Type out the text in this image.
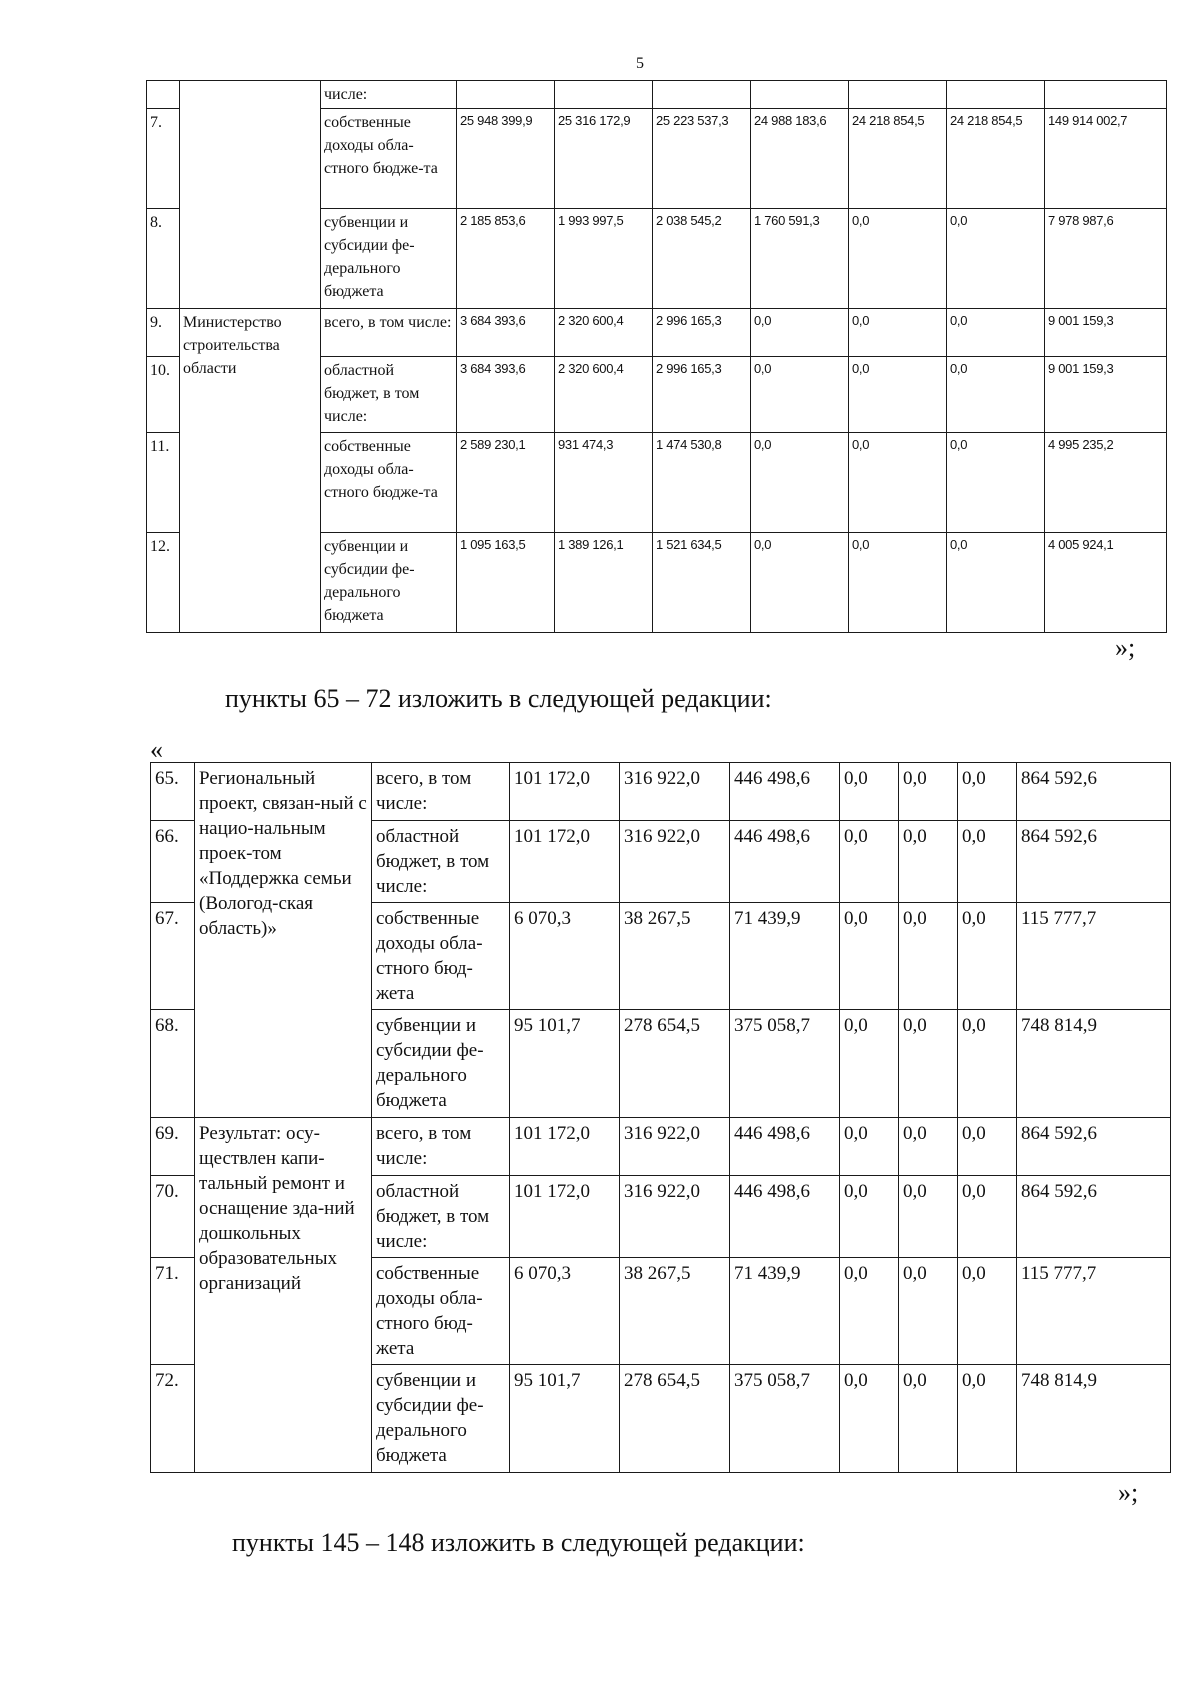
5
		числе:							
7.		собственные доходы обла-стного бюдже-та	25 948 399,9	25 316 172,9	25 223 537,3	24 988 183,6	24 218 854,5	24 218 854,5	149 914 002,7
8.		субвенции и субсидии фе-дерального бюджета	2 185 853,6	1 993 997,5	2 038 545,2	1 760 591,3	0,0	0,0	7 978 987,6
9.	Министерство строительства области	всего, в том числе:	3 684 393,6	2 320 600,4	2 996 165,3	0,0	0,0	0,0	9 001 159,3
10.		областной бюджет, в том числе:	3 684 393,6	2 320 600,4	2 996 165,3	0,0	0,0	0,0	9 001 159,3
11.		собственные доходы обла-стного бюдже-та	2 589 230,1	931 474,3	1 474 530,8	0,0	0,0	0,0	4 995 235,2
12.		субвенции и субсидии фе-дерального бюджета	1 095 163,5	1 389 126,1	1 521 634,5	0,0	0,0	0,0	4 005 924,1
»;
пункты 65 – 72 изложить в следующей редакции:
«
65.	Региональный проект, связан-ный с нацио-нальным проек-том «Поддержка семьи (Вологод-ская область)»	всего, в том числе:	101 172,0	316 922,0	446 498,6	0,0	0,0	0,0	864 592,6
66.		областной бюджет, в том числе:	101 172,0	316 922,0	446 498,6	0,0	0,0	0,0	864 592,6
67.		собственные доходы обла-стного бюд-жета	6 070,3	38 267,5	71 439,9	0,0	0,0	0,0	115 777,7
68.		субвенции и субсидии фе-дерального бюджета	95 101,7	278 654,5	375 058,7	0,0	0,0	0,0	748 814,9
69.	Результат: осу-ществлен капи-тальный ремонт и оснащение зда-ний дошкольных образовательных организаций	всего, в том числе:	101 172,0	316 922,0	446 498,6	0,0	0,0	0,0	864 592,6
70.		областной бюджет, в том числе:	101 172,0	316 922,0	446 498,6	0,0	0,0	0,0	864 592,6
71.		собственные доходы обла-стного бюд-жета	6 070,3	38 267,5	71 439,9	0,0	0,0	0,0	115 777,7
72.		субвенции и субсидии фе-дерального бюджета	95 101,7	278 654,5	375 058,7	0,0	0,0	0,0	748 814,9
»;
пункты 145 – 148 изложить в следующей редакции:
